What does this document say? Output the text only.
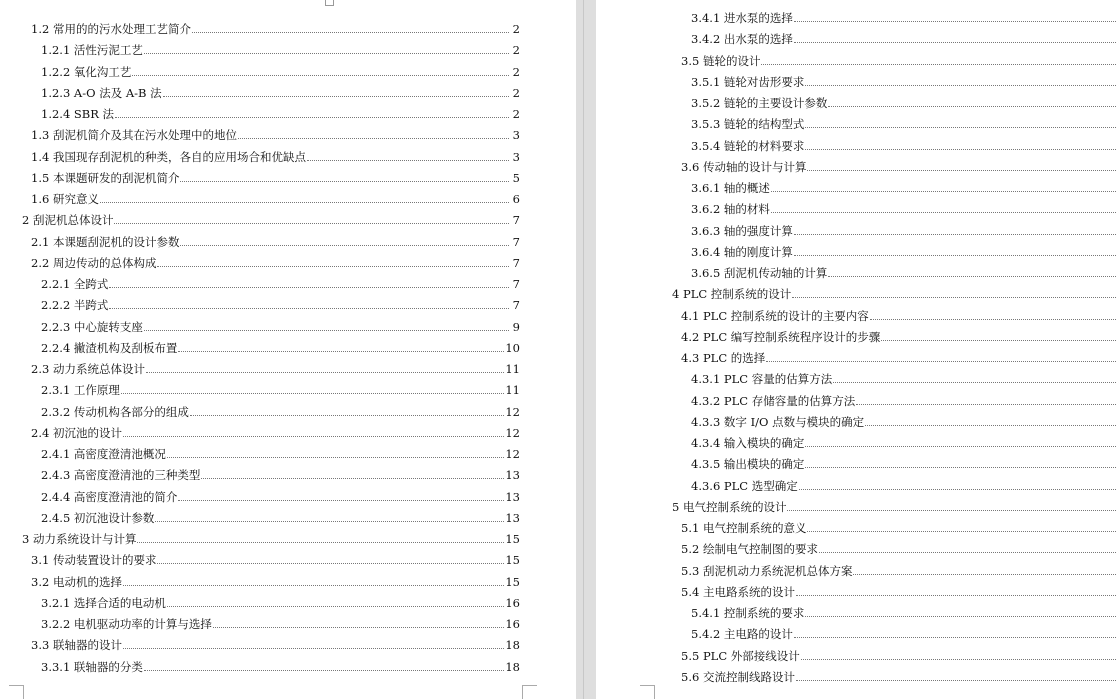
1.2 常用的的污水处理工艺简介	2
1.2.1 活性污泥工艺	2
1.2.2 氧化沟工艺	2
1.2.3 A-O 法及 A-B 法	2
1.2.4 SBR 法	2
1.3 刮泥机简介及其在污水处理中的地位	3
1.4 我国现存刮泥机的种类，各自的应用场合和优缺点	3
1.5 本课题研发的刮泥机简介	5
1.6 研究意义	6
2 刮泥机总体设计	7
2.1 本课题刮泥机的设计参数	7
2.2 周边传动的总体构成	7
2.2.1 全跨式	7
2.2.2 半跨式	7
2.2.3 中心旋转支座	9
2.2.4 撇渣机构及刮板布置	10
2.3 动力系统总体设计	11
2.3.1 工作原理	11
2.3.2 传动机构各部分的组成	12
2.4 初沉池的设计	12
2.4.1 高密度澄清池概况	12
2.4.3 高密度澄清池的三种类型	13
2.4.4 高密度澄清池的简介	13
2.4.5 初沉池设计参数	13
3 动力系统设计与计算	15
3.1 传动装置设计的要求	15
3.2 电动机的选择	15
3.2.1 选择合适的电动机	16
3.2.2 电机驱动功率的计算与选择	16
3.3 联轴器的设计	18
3.3.1 联轴器的分类	18
3.4.1 进水泵的选择
3.4.2 出水泵的选择
3.5 链轮的设计
3.5.1 链轮对齿形要求
3.5.2 链轮的主要设计参数
3.5.3 链轮的结构型式
3.5.4 链轮的材料要求
3.6 传动轴的设计与计算
3.6.1 轴的概述
3.6.2 轴的材料
3.6.3 轴的强度计算
3.6.4 轴的刚度计算
3.6.5 刮泥机传动轴的计算
4 PLC 控制系统的设计
4.1 PLC 控制系统的设计的主要内容
4.2 PLC 编写控制系统程序设计的步骤
4.3 PLC 的选择
4.3.1 PLC 容量的估算方法
4.3.2 PLC 存储容量的估算方法
4.3.3 数字 I/O 点数与模块的确定
4.3.4 输入模块的确定
4.3.5 输出模块的确定
4.3.6 PLC 选型确定
5 电气控制系统的设计
5.1 电气控制系统的意义
5.2 绘制电气控制图的要求
5.3 刮泥机动力系统泥机总体方案
5.4 主电路系统的设计
5.4.1 控制系统的要求
5.4.2 主电路的设计
5.5 PLC 外部接线设计
5.6 交流控制线路设计
